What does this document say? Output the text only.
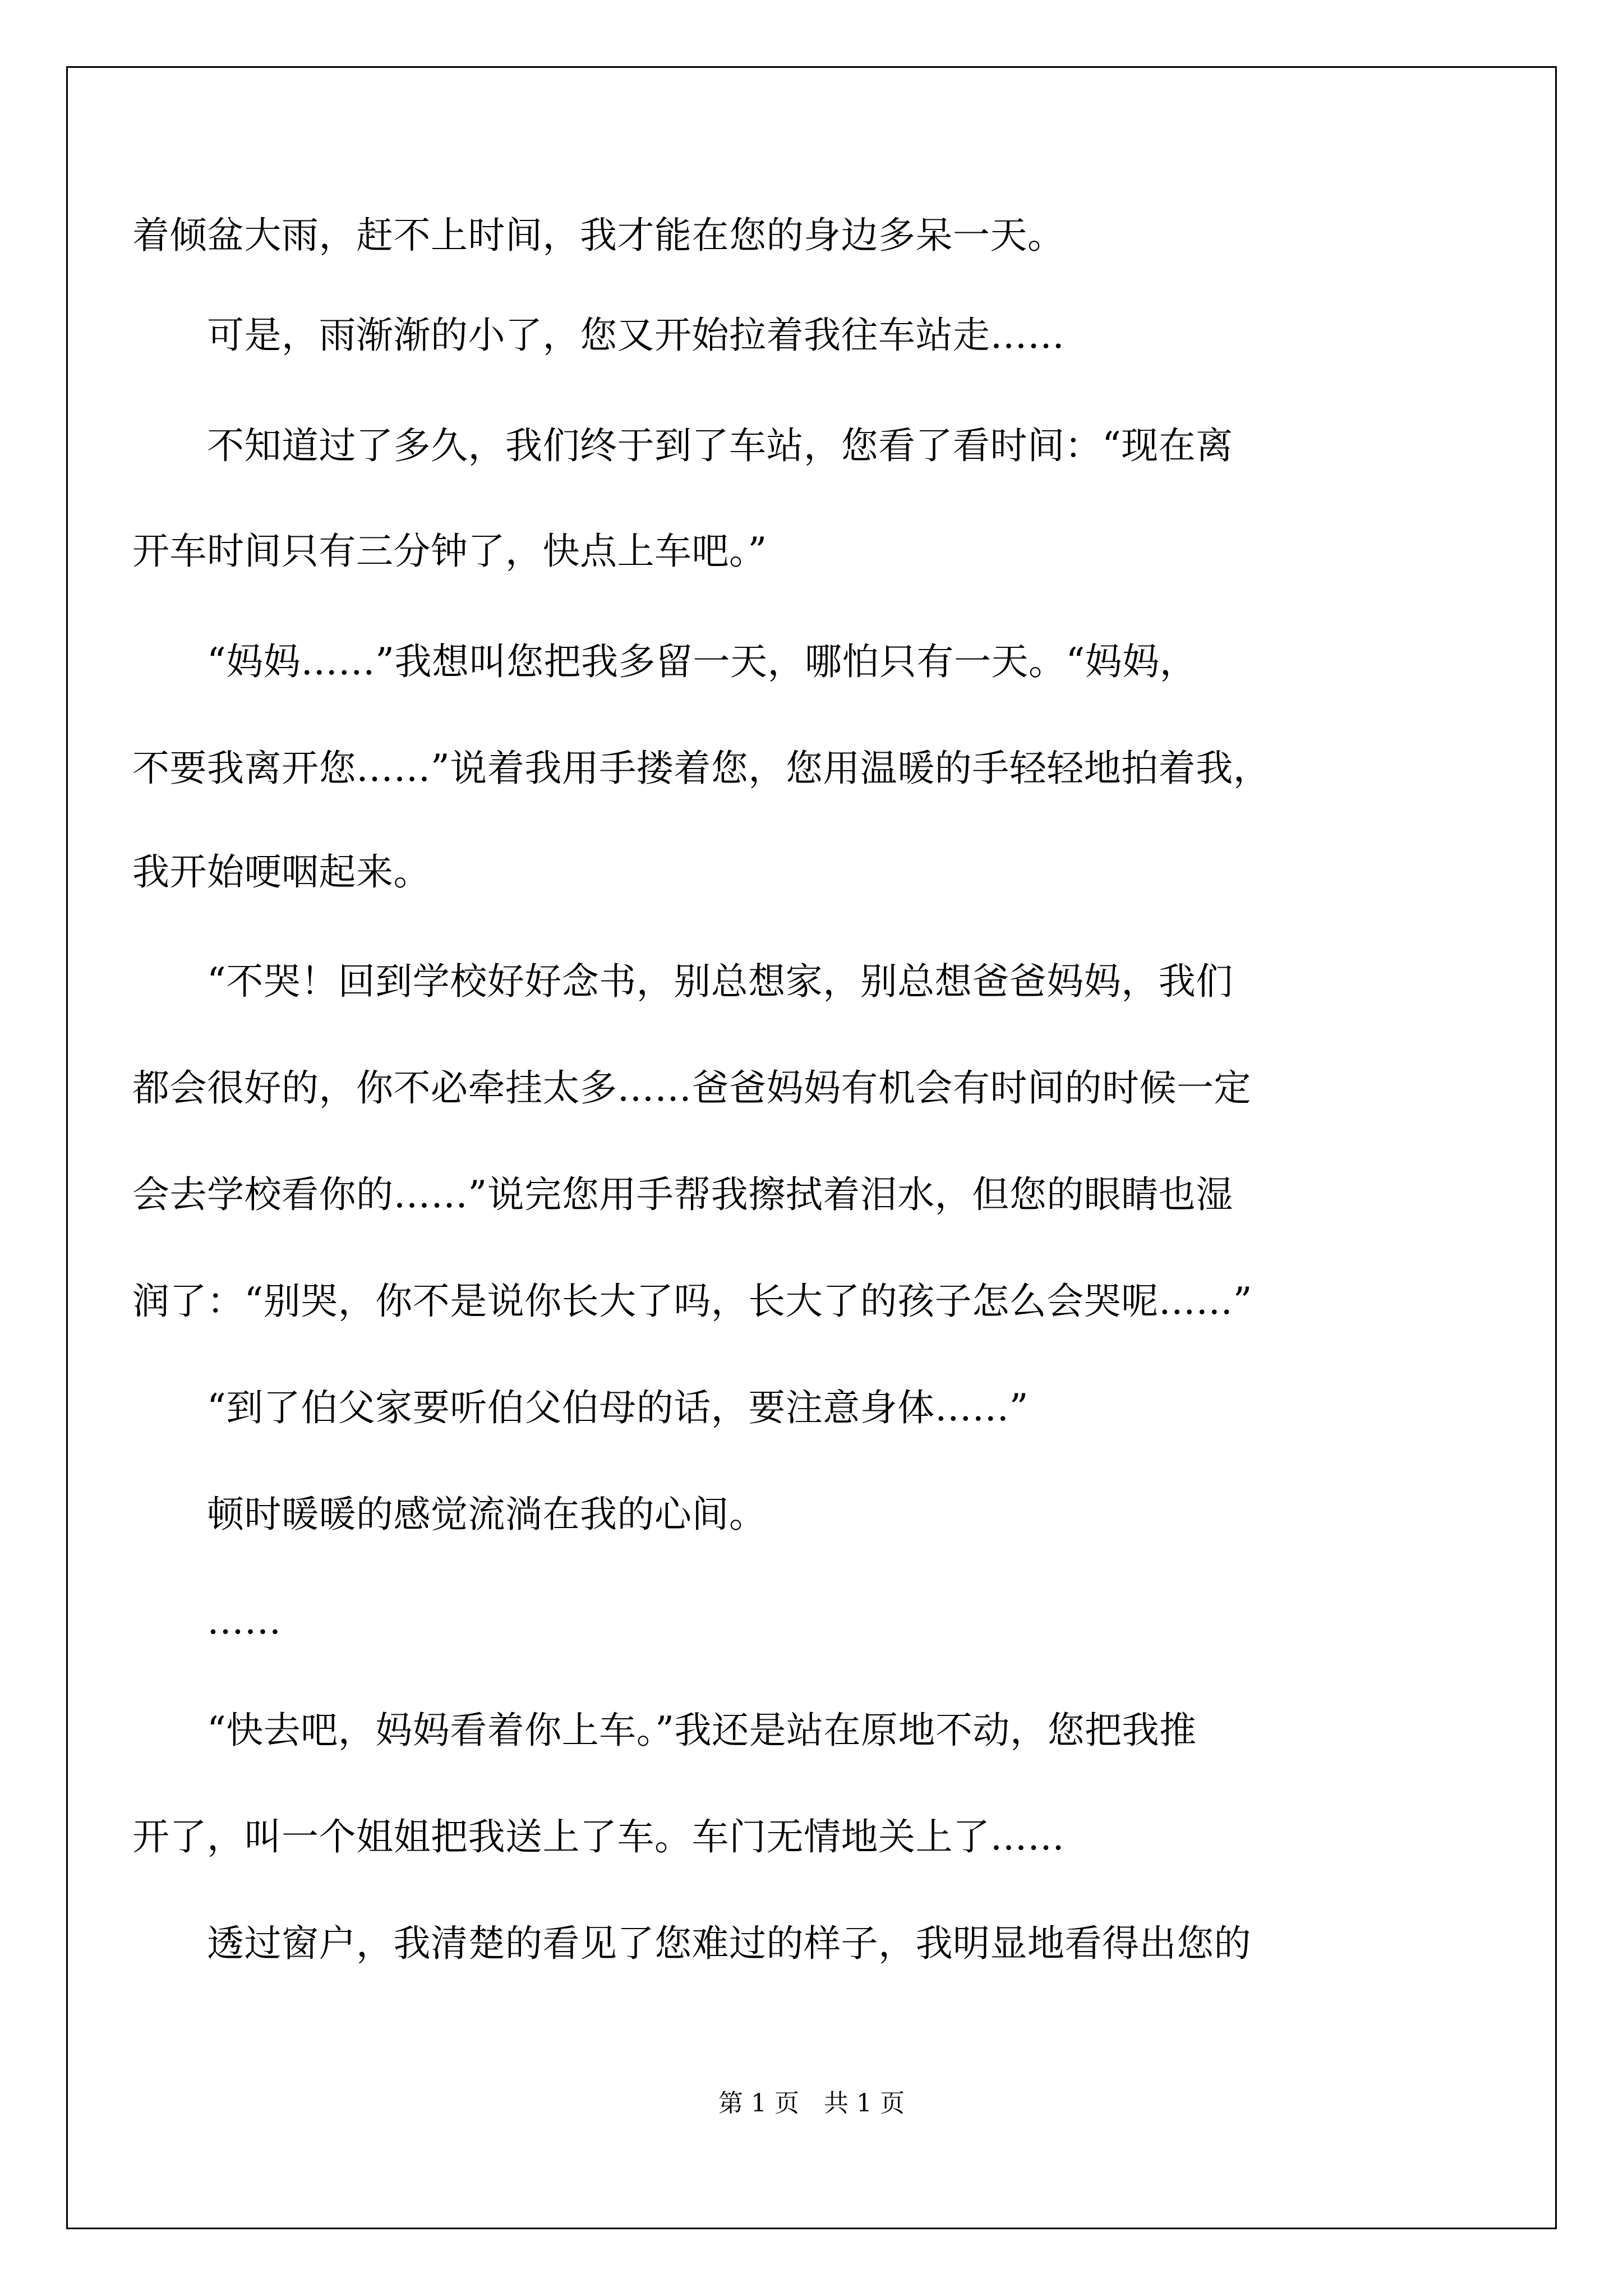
着倾盆大雨，赶不上时间，我才能在您的身边多呆一天。

　　可是，雨渐渐的小了，您又开始拉着我往车站走……

　　不知道过了多久，我们终于到了车站，您看了看时间：“现在离

开车时间只有三分钟了，快点上车吧。”

　　“妈妈……”我想叫您把我多留一天，哪怕只有一天。“妈妈，

不要我离开您……”说着我用手搂着您，您用温暖的手轻轻地拍着我，

我开始哽咽起来。

　　“不哭！回到学校好好念书，别总想家，别总想爸爸妈妈，我们

都会很好的，你不必牵挂太多……爸爸妈妈有机会有时间的时候一定

会去学校看你的……”说完您用手帮我擦拭着泪水，但您的眼睛也湿

润了：“别哭，你不是说你长大了吗，长大了的孩子怎么会哭呢……”

　　“到了伯父家要听伯父伯母的话，要注意身体……”

　　顿时暖暖的感觉流淌在我的心间。

　　……

　　“快去吧，妈妈看着你上车。”我还是站在原地不动，您把我推

开了，叫一个姐姐把我送上了车。车门无情地关上了……

　　透过窗户，我清楚的看见了您难过的样子，我明显地看得出您的

第 1 页　共 1 页
